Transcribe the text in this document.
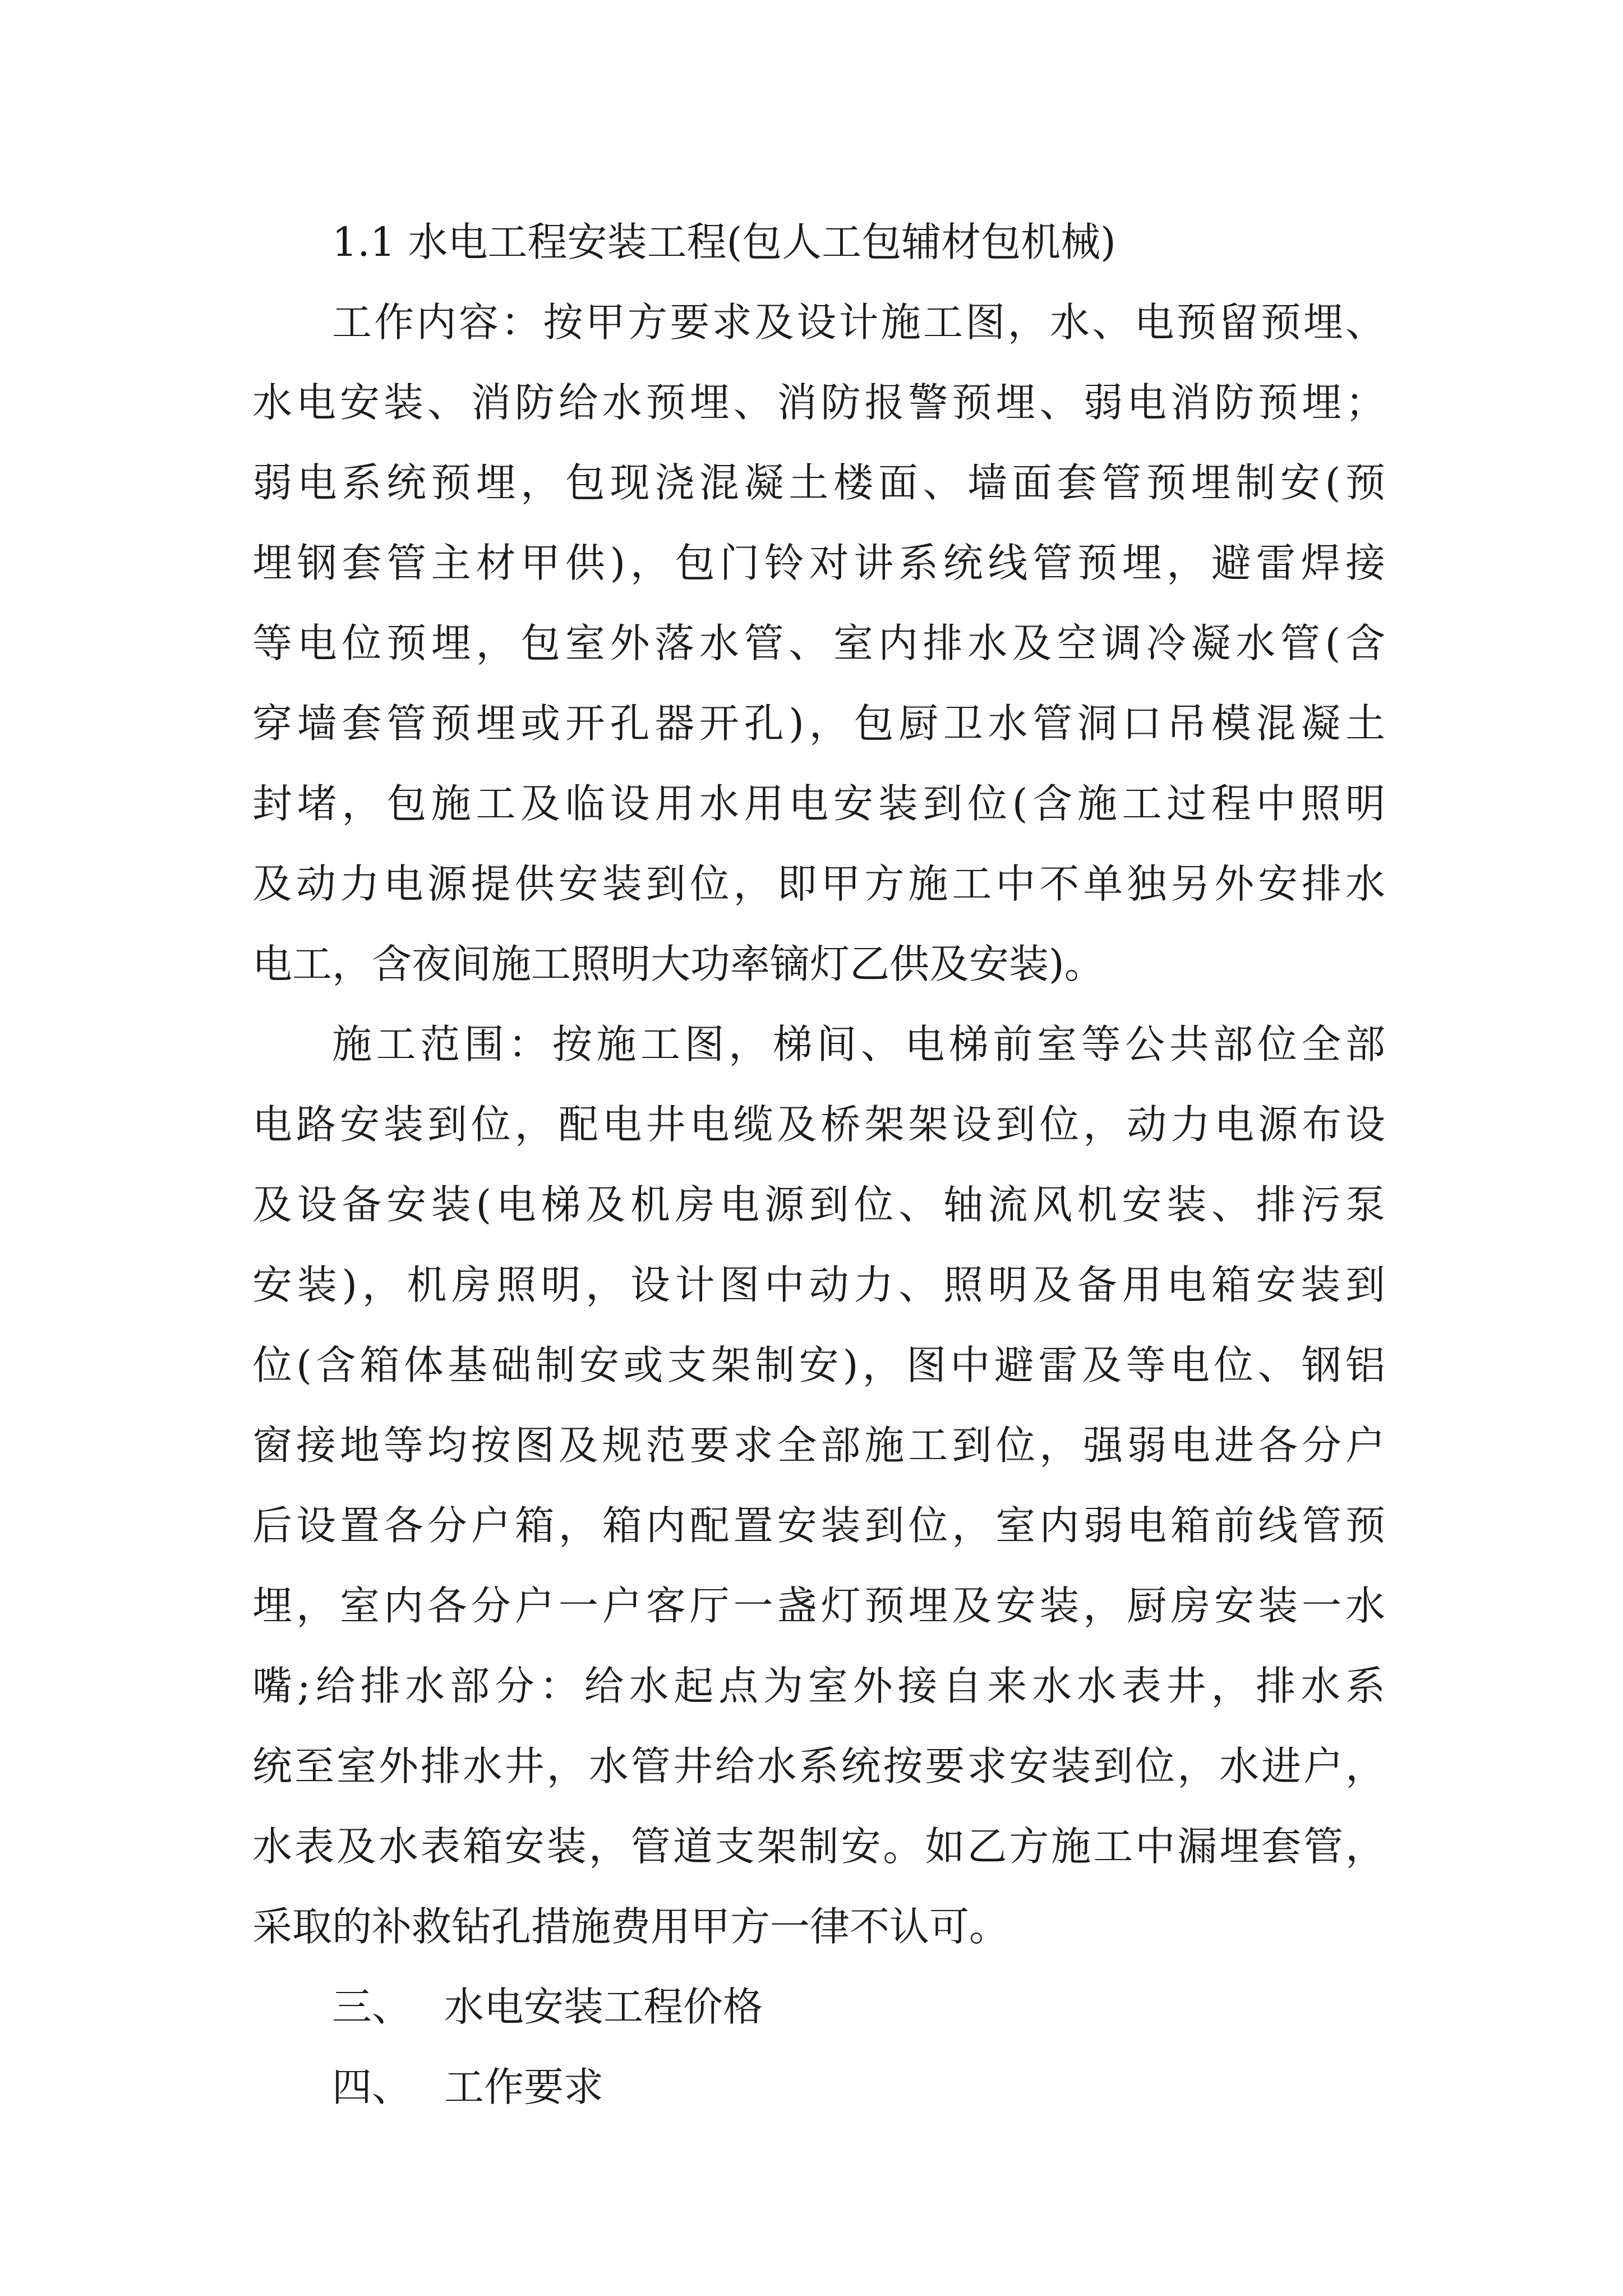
1.1 水电工程安装工程(包人工包辅材包机械)
工作内容：按甲方要求及设计施工图，水、电预留预埋、
水电安装、消防给水预埋、消防报警预埋、弱电消防预埋；
弱电系统预埋，包现浇混凝土楼面、墙面套管预埋制安(预
埋钢套管主材甲供)，包门铃对讲系统线管预埋，避雷焊接
等电位预埋，包室外落水管、室内排水及空调冷凝水管(含
穿墙套管预埋或开孔器开孔)，包厨卫水管洞口吊模混凝土
封堵，包施工及临设用水用电安装到位(含施工过程中照明
及动力电源提供安装到位，即甲方施工中不单独另外安排水
电工，含夜间施工照明大功率镝灯乙供及安装)。
施工范围：按施工图，梯间、电梯前室等公共部位全部
电路安装到位，配电井电缆及桥架架设到位，动力电源布设
及设备安装(电梯及机房电源到位、轴流风机安装、排污泵
安装)，机房照明，设计图中动力、照明及备用电箱安装到
位(含箱体基础制安或支架制安)，图中避雷及等电位、钢铝
窗接地等均按图及规范要求全部施工到位，强弱电进各分户
后设置各分户箱，箱内配置安装到位，室内弱电箱前线管预
埋，室内各分户一户客厅一盏灯预埋及安装，厨房安装一水
嘴;给排水部分：给水起点为室外接自来水水表井，排水系
统至室外排水井，水管井给水系统按要求安装到位，水进户，
水表及水表箱安装，管道支架制安。如乙方施工中漏埋套管，
采取的补救钻孔措施费用甲方一律不认可。
三、 水电安装工程价格
四、 工作要求
